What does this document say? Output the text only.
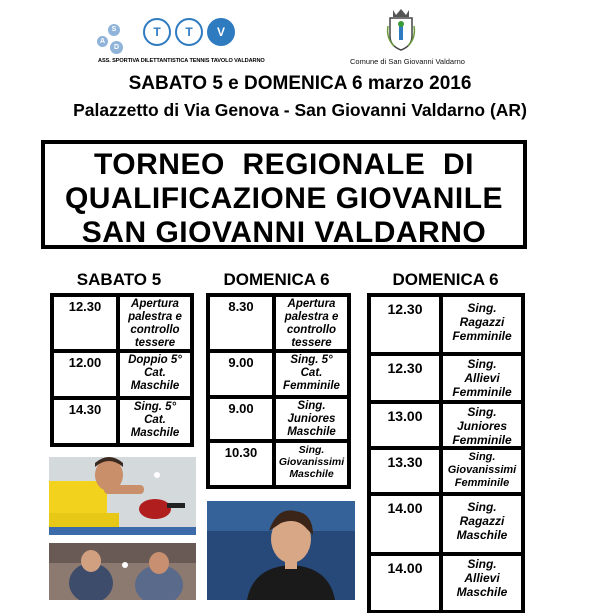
A
S
D
T	T	V
ASS. SPORTIVA DILETTANTISTICA TENNIS TAVOLO VALDARNO	Comune di San Giovanni Valdarno
SABATO 5 e DOMENICA 6 marzo 2016
Palazzetto di Via Genova - San Giovanni Valdarno (AR)
TORNEO  REGIONALE  DI
QUALIFICAZIONE GIOVANILE
SAN GIOVANNI VALDARNO
SABATO 5	DOMENICA 6	DOMENICA 6
12.30	Apertura
palestra e
controllo
tessere
12.00	Doppio 5°
Cat.
Maschile
14.30	Sing. 5°
Cat.
Maschile
8.30	Apertura
palestra e
controllo
tessere
9.00	Sing. 5°
Cat.
Femminile
9.00	Sing.
Juniores
Maschile
10.30	Sing.
Giovanissimi
Maschile
12.30	Sing.
Ragazzi
Femminile
12.30	Sing.
Allievi
Femminile
13.00	Sing.
Juniores
Femminile
13.30	Sing.
Giovanissimi
Femminile
14.00	Sing.
Ragazzi
Maschile
14.00	Sing.
Allievi
Maschile
